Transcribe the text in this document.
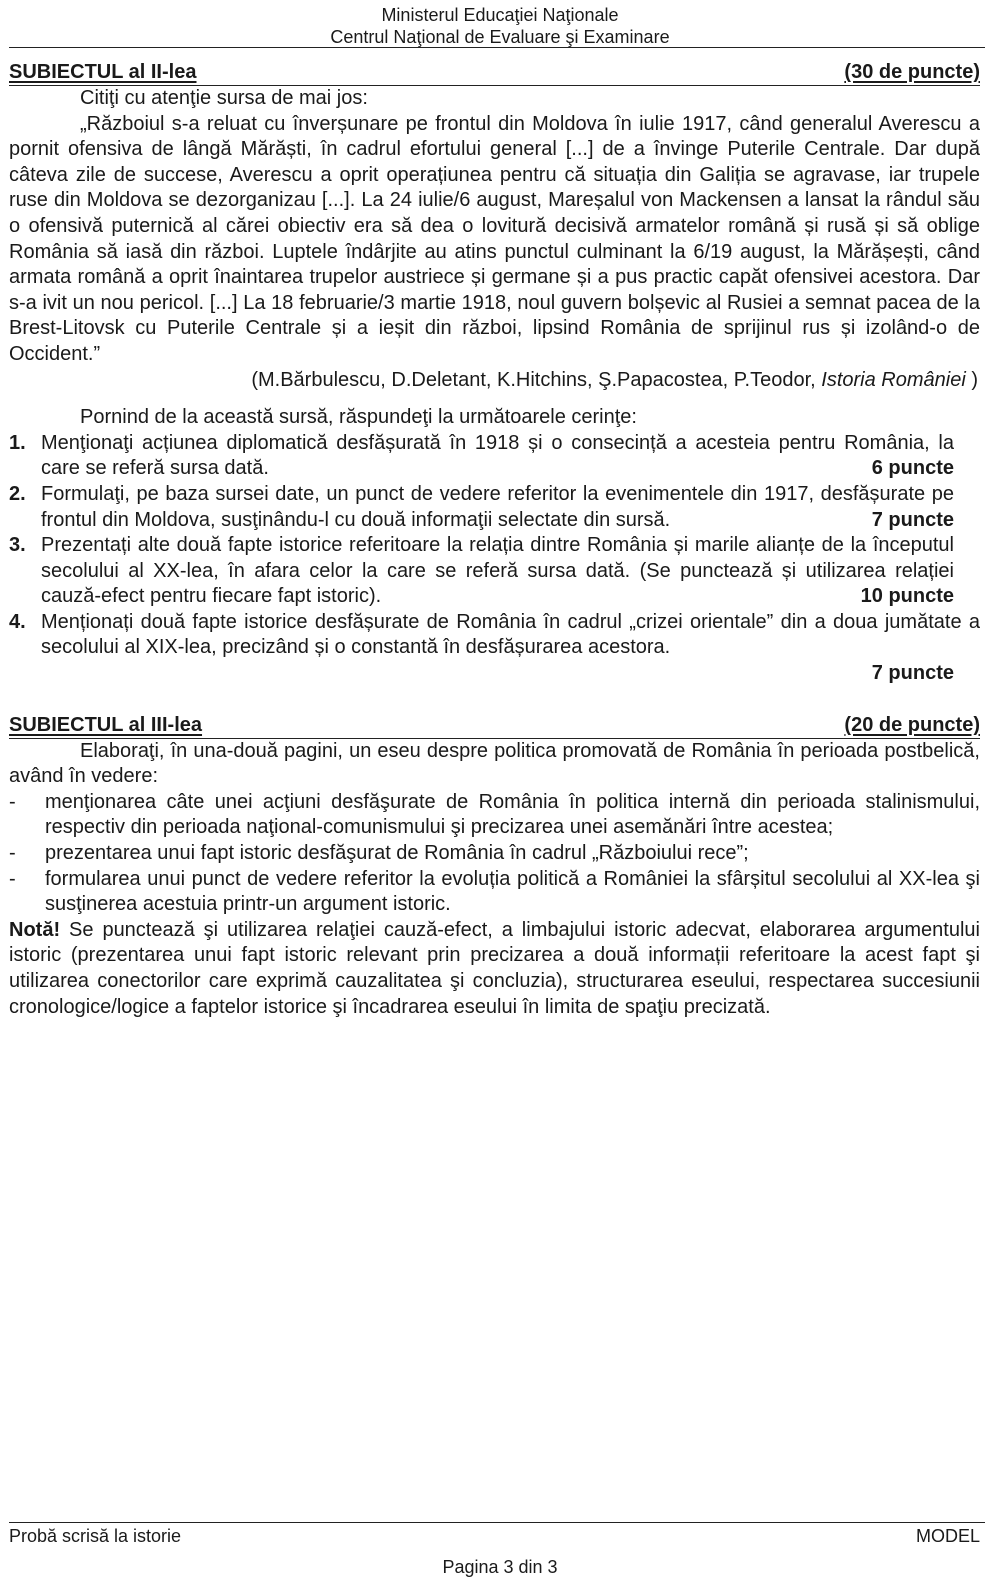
Ministerul Educaţiei Naţionale
Centrul Naţional de Evaluare şi Examinare
SUBIECTUL al II-lea	(30 de puncte)

Citiţi cu atenţie sursa de mai jos:

„Războiul s-a reluat cu înverșunare pe frontul din Moldova în iulie 1917, când generalul Averescu a pornit ofensiva de lângă Mărăști, în cadrul efortului general [...] de a învinge Puterile Centrale. Dar după câteva zile de succese, Averescu a oprit operațiunea pentru că situația din Galiția se agravase, iar trupele ruse din Moldova se dezorganizau [...]. La 24 iulie/6 august, Mareșalul von Mackensen a lansat la rândul său o ofensivă puternică al cărei obiectiv era să dea o lovitură decisivă armatelor română și rusă și să oblige România să iasă din război. Luptele îndârjite au atins punctul culminant la 6/19 august, la Mărășești, când armata română a oprit înaintarea trupelor austriece și germane și a pus practic capăt ofensivei acestora. Dar s-a ivit un nou pericol. [...] La 18 februarie/3 martie 1918, noul guvern bolșevic al Rusiei a semnat pacea de la Brest-Litovsk cu Puterile Centrale și a ieșit din război, lipsind România de sprijinul rus și izolând-o de Occident.”

(M.Bărbulescu, D.Deletant, K.Hitchins, Ş.Papacostea, P.Teodor, Istoria României )

Pornind de la această sursă, răspundeţi la următoarele cerinţe:

1. Menţionaţi acțiunea diplomatică desfășurată în 1918 și o consecință a acesteia pentru România, la care se referă sursa dată.	6 puncte
2. Formulaţi, pe baza sursei date, un punct de vedere referitor la evenimentele din 1917, desfășurate pe frontul din Moldova, susţinându-l cu două informaţii selectate din sursă.	7 puncte
3. Prezentați alte două fapte istorice referitoare la relația dintre România și marile alianțe de la începutul secolului al XX-lea, în afara celor la care se referă sursa dată. (Se punctează și utilizarea relației cauză-efect pentru fiecare fapt istoric).	10 puncte
4. Menționați două fapte istorice desfășurate de România în cadrul „crizei orientale” din a doua jumătate a secolului al XIX-lea, precizând și o constantă în desfășurarea acestora.
7 puncte
SUBIECTUL al III-lea	(20 de puncte)

Elaboraţi, în una-două pagini, un eseu despre politica promovată de România în perioada postbelică, având în vedere:

-	menţionarea câte unei acţiuni desfăşurate de România în politica internă din perioada stalinismului, respectiv din perioada naţional-comunismului şi precizarea unei asemănări între acestea;
-	prezentarea unui fapt istoric desfăşurat de România în cadrul „Războiului rece”;
-	formularea unui punct de vedere referitor la evoluția politică a României la sfârșitul secolului al XX-lea şi susţinerea acestuia printr-un argument istoric.

Notă! Se punctează şi utilizarea relaţiei cauză-efect, a limbajului istoric adecvat, elaborarea argumentului istoric (prezentarea unui fapt istoric relevant prin precizarea a două informații referitoare la acest fapt şi utilizarea conectorilor care exprimă cauzalitatea şi concluzia), structurarea eseului, respectarea succesiunii cronologice/logice a faptelor istorice şi încadrarea eseului în limita de spaţiu precizată.

Probă scrisă la istorie	MODEL
Pagina 3 din 3
